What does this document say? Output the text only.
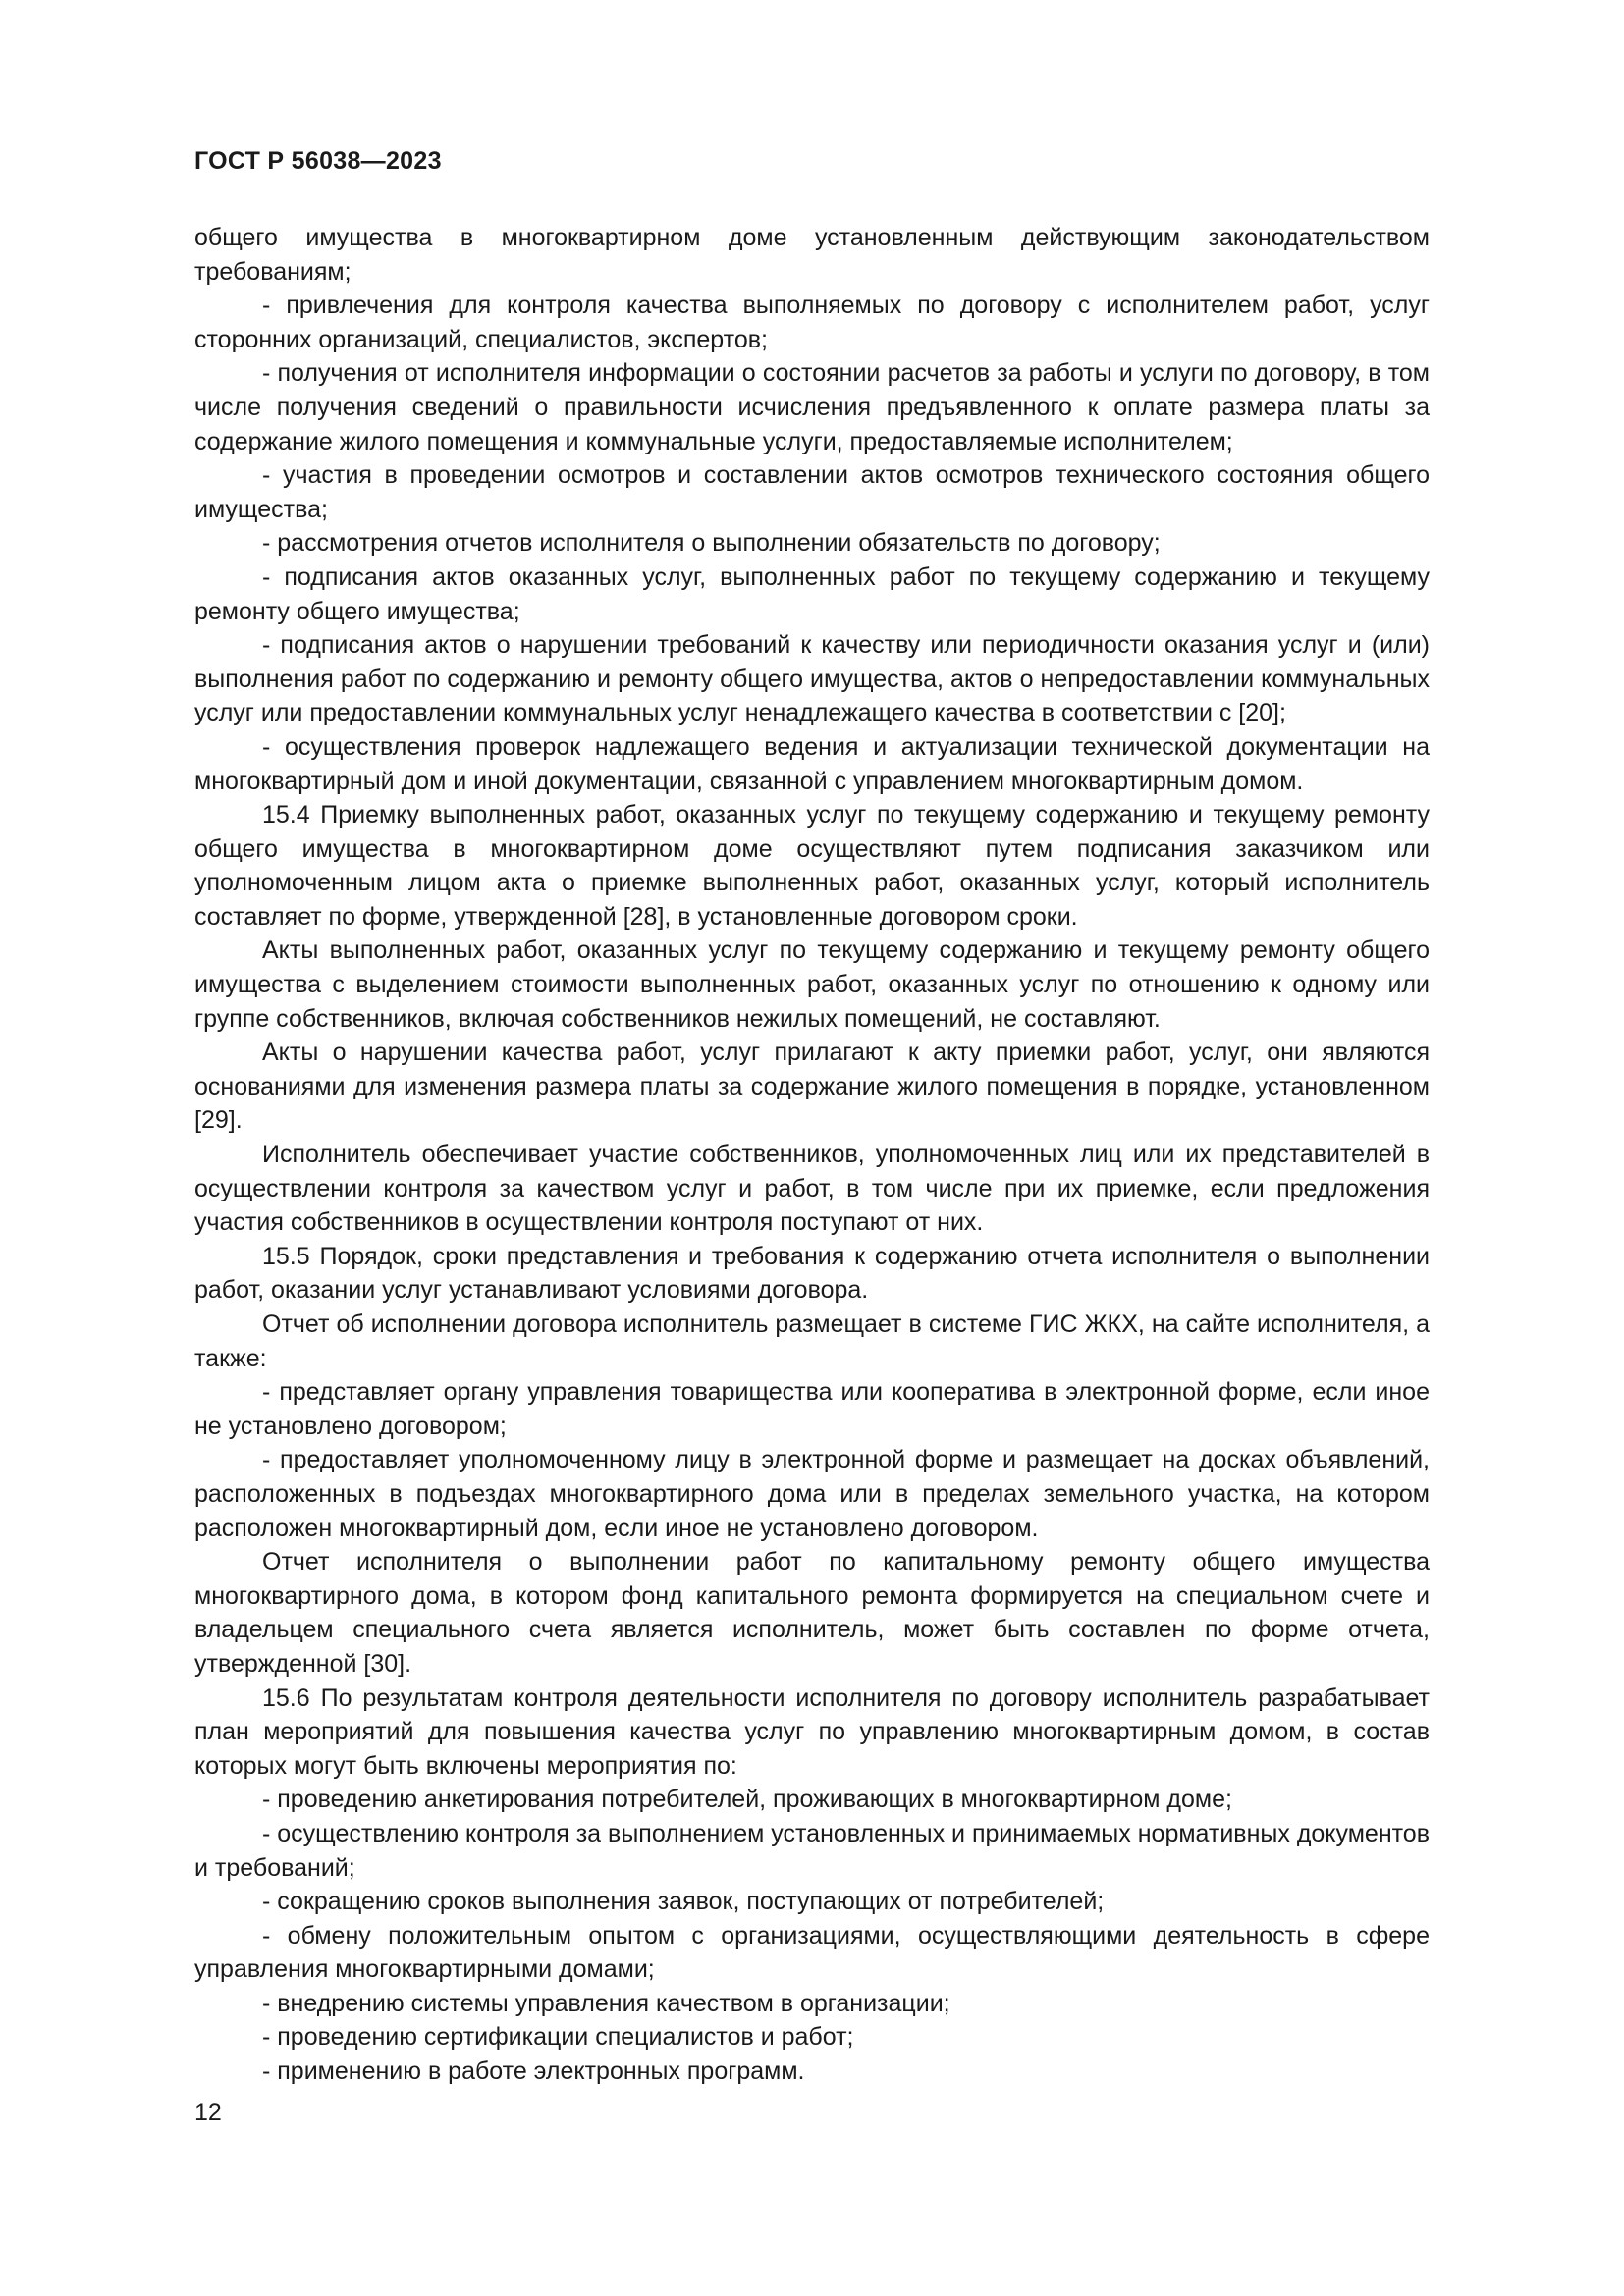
ГОСТ Р 56038—2023

общего имущества в многоквартирном доме установленным действующим законодательством требованиям;

- привлечения для контроля качества выполняемых по договору с исполнителем работ, услуг сторонних организаций, специалистов, экспертов;

- получения от исполнителя информации о состоянии расчетов за работы и услуги по договору, в том числе получения сведений о правильности исчисления предъявленного к оплате размера платы за содержание жилого помещения и коммунальные услуги, предоставляемые исполнителем;

- участия в проведении осмотров и составлении актов осмотров технического состояния общего имущества;

- рассмотрения отчетов исполнителя о выполнении обязательств по договору;

- подписания актов оказанных услуг, выполненных работ по текущему содержанию и текущему ремонту общего имущества;

- подписания актов о нарушении требований к качеству или периодичности оказания услуг и (или) выполнения работ по содержанию и ремонту общего имущества, актов о непредоставлении коммунальных услуг или предоставлении коммунальных услуг ненадлежащего качества в соответствии с [20];

- осуществления проверок надлежащего ведения и актуализации технической документации на многоквартирный дом и иной документации, связанной с управлением многоквартирным домом.

15.4 Приемку выполненных работ, оказанных услуг по текущему содержанию и текущему ремонту общего имущества в многоквартирном доме осуществляют путем подписания заказчиком или уполномоченным лицом акта о приемке выполненных работ, оказанных услуг, который исполнитель составляет по форме, утвержденной [28], в установленные договором сроки.

Акты выполненных работ, оказанных услуг по текущему содержанию и текущему ремонту общего имущества с выделением стоимости выполненных работ, оказанных услуг по отношению к одному или группе собственников, включая собственников нежилых помещений, не составляют.

Акты о нарушении качества работ, услуг прилагают к акту приемки работ, услуг, они являются основаниями для изменения размера платы за содержание жилого помещения в порядке, установленном [29].

Исполнитель обеспечивает участие собственников, уполномоченных лиц или их представителей в осуществлении контроля за качеством услуг и работ, в том числе при их приемке, если предложения участия собственников в осуществлении контроля поступают от них.

15.5 Порядок, сроки представления и требования к содержанию отчета исполнителя о выполнении работ, оказании услуг устанавливают условиями договора.

Отчет об исполнении договора исполнитель размещает в системе ГИС ЖКХ, на сайте исполнителя, а также:

- представляет органу управления товарищества или кооператива в электронной форме, если иное не установлено договором;

- предоставляет уполномоченному лицу в электронной форме и размещает на досках объявлений, расположенных в подъездах многоквартирного дома или в пределах земельного участка, на котором расположен многоквартирный дом, если иное не установлено договором.

Отчет исполнителя о выполнении работ по капитальному ремонту общего имущества многоквартирного дома, в котором фонд капитального ремонта формируется на специальном счете и владельцем специального счета является исполнитель, может быть составлен по форме отчета, утвержденной [30].

15.6 По результатам контроля деятельности исполнителя по договору исполнитель разрабатывает план мероприятий для повышения качества услуг по управлению многоквартирным домом, в состав которых могут быть включены мероприятия по:

- проведению анкетирования потребителей, проживающих в многоквартирном доме;

- осуществлению контроля за выполнением установленных и принимаемых нормативных документов и требований;

- сокращению сроков выполнения заявок, поступающих от потребителей;

- обмену положительным опытом с организациями, осуществляющими деятельность в сфере управления многоквартирными домами;

- внедрению системы управления качеством в организации;

- проведению сертификации специалистов и работ;

- применению в работе электронных программ.

12
